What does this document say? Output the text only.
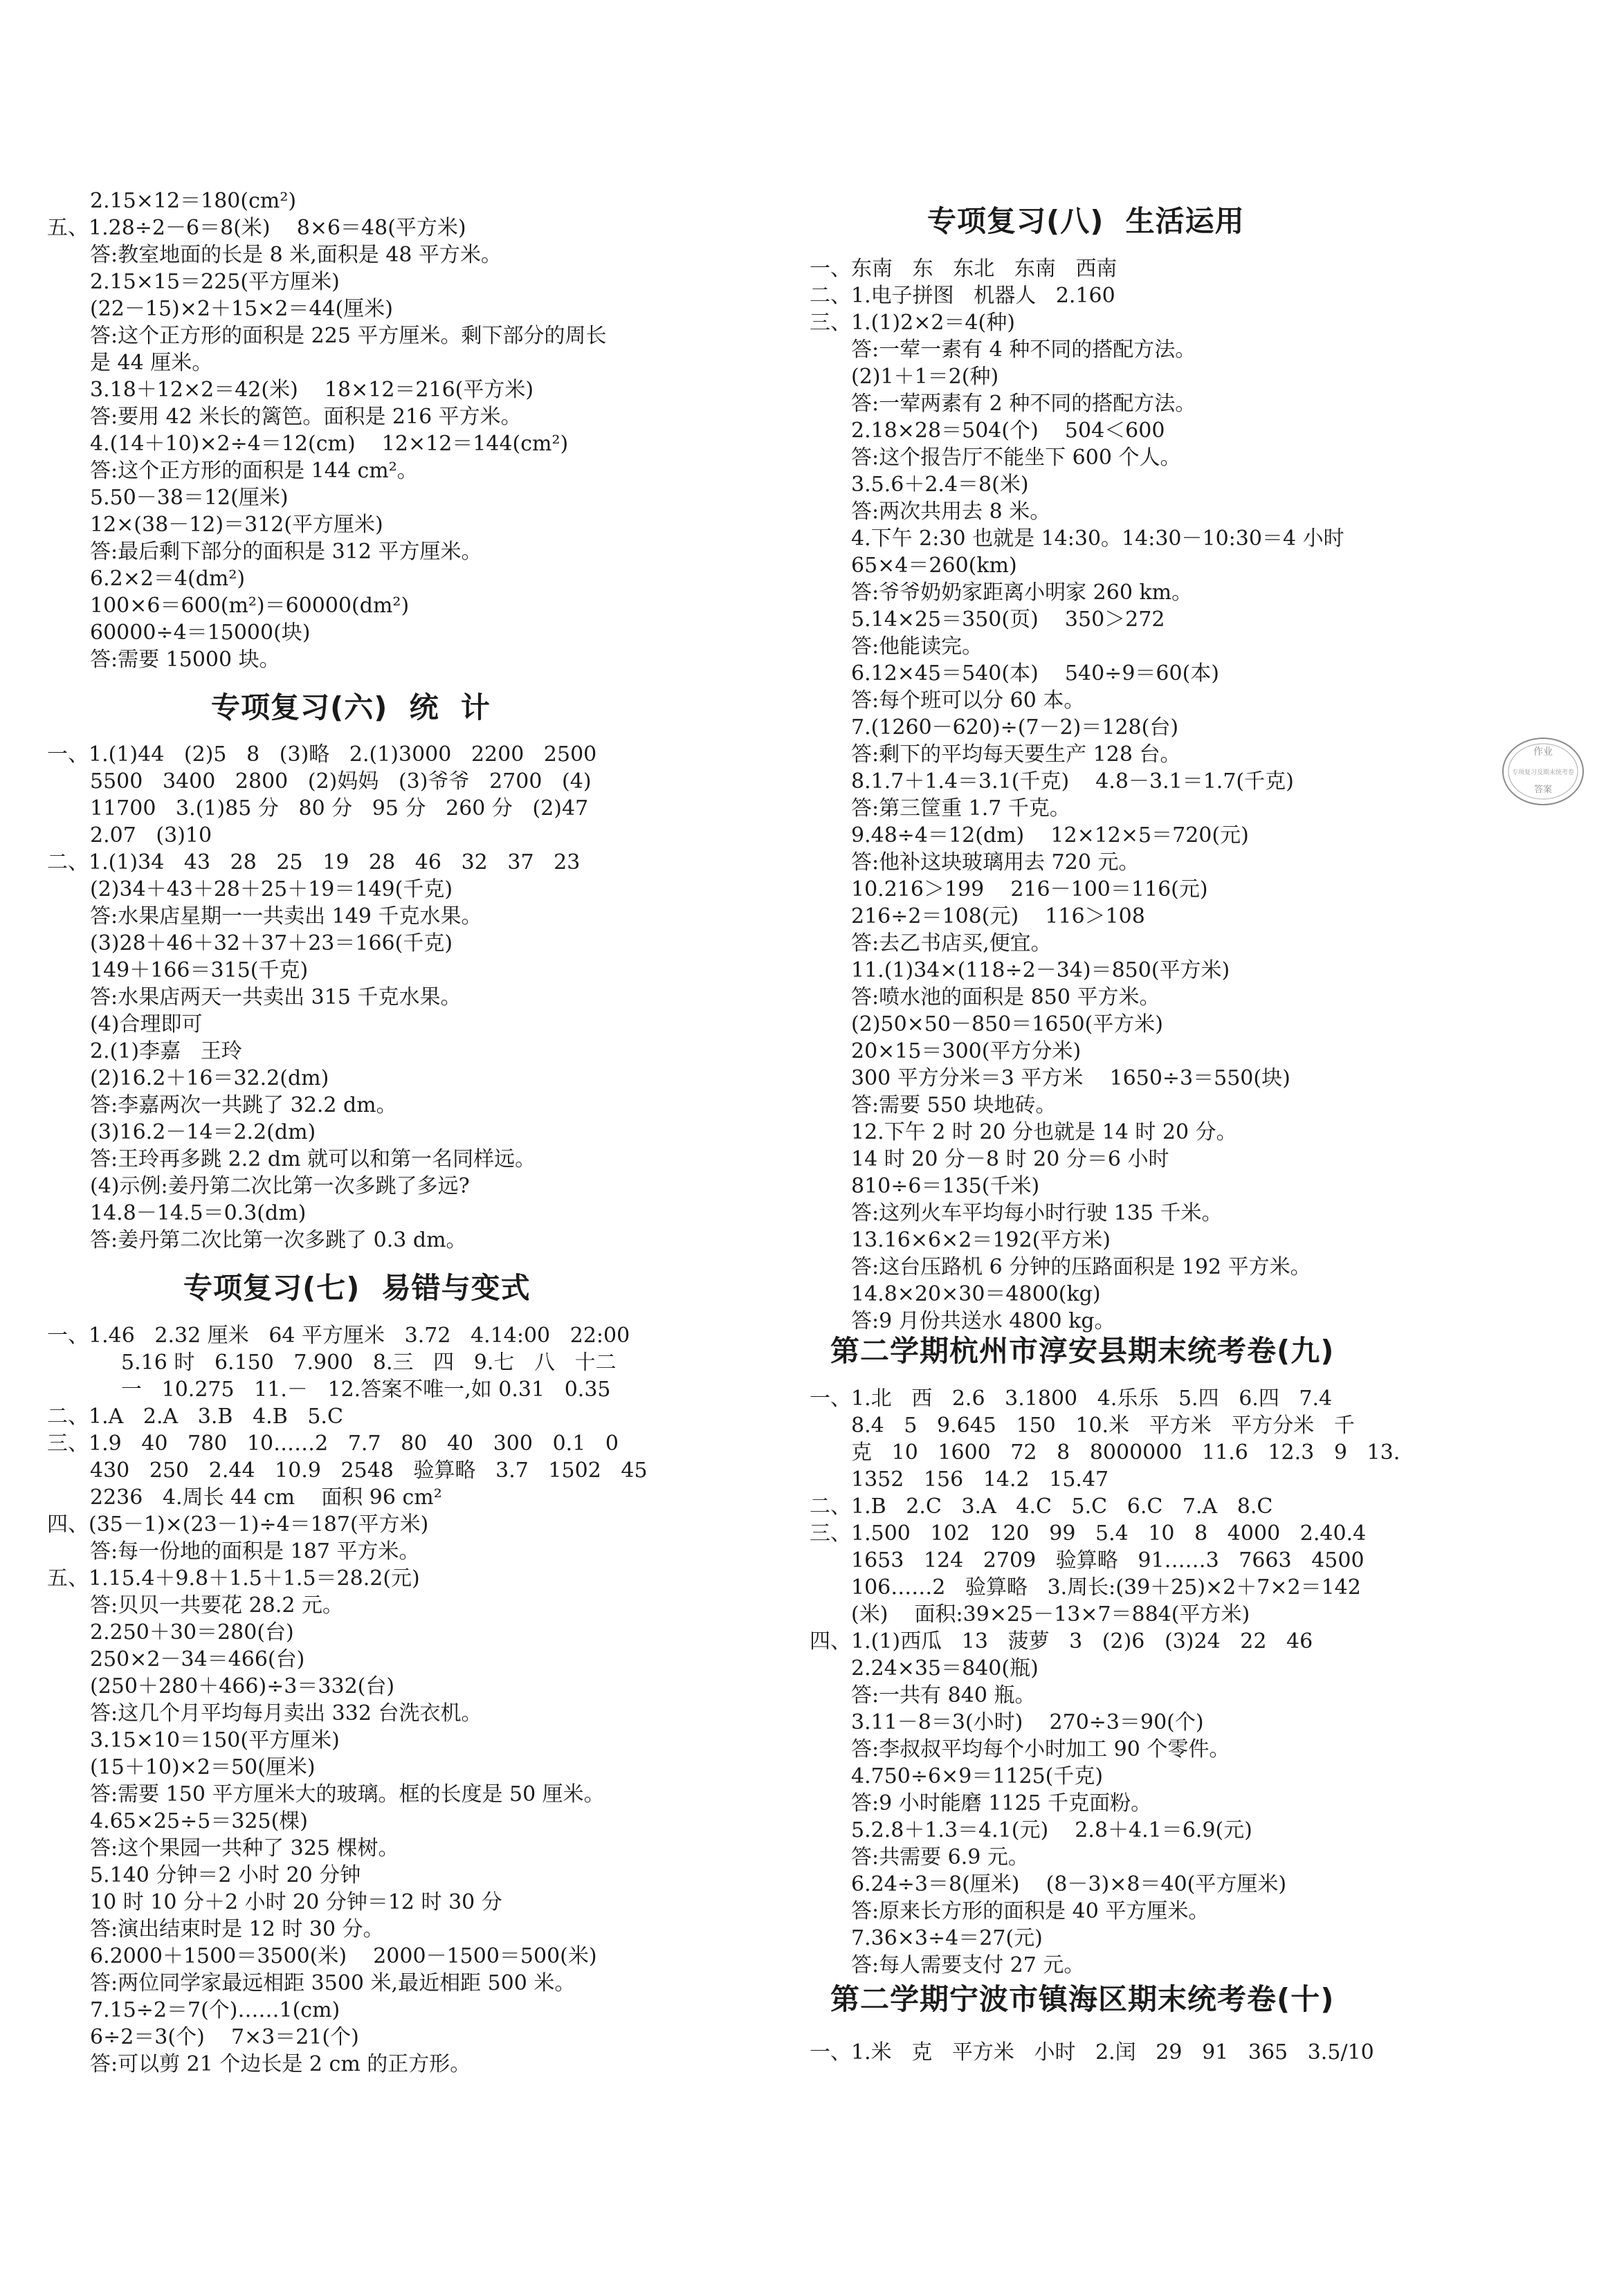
2.15×12＝180(cm²)
五、1.28÷2－6＝8(米)    8×6＝48(平方米)
答:教室地面的长是 8 米,面积是 48 平方米。
2.15×15＝225(平方厘米)
(22－15)×2＋15×2＝44(厘米)
答:这个正方形的面积是 225 平方厘米。剩下部分的周长
是 44 厘米。
3.18＋12×2＝42(米)    18×12＝216(平方米)
答:要用 42 米长的篱笆。面积是 216 平方米。
4.(14＋10)×2÷4＝12(cm)    12×12＝144(cm²)
答:这个正方形的面积是 144 cm²。
5.50－38＝12(厘米)
12×(38－12)＝312(平方厘米)
答:最后剩下部分的面积是 312 平方厘米。
6.2×2＝4(dm²)
100×6＝600(m²)＝60000(dm²)
60000÷4＝15000(块)
答:需要 15000 块。
专项复习(六)  统  计
一、1.(1)44   (2)5   8   (3)略   2.(1)3000   2200   2500
5500   3400   2800   (2)妈妈   (3)爷爷   2700   (4)
11700   3.(1)85 分   80 分   95 分   260 分   (2)47
2.07   (3)10
二、1.(1)34   43   28   25   19   28   46   32   37   23
(2)34＋43＋28＋25＋19＝149(千克)
答:水果店星期一一共卖出 149 千克水果。
(3)28＋46＋32＋37＋23＝166(千克)
149＋166＝315(千克)
答:水果店两天一共卖出 315 千克水果。
(4)合理即可
2.(1)李嘉   王玲
(2)16.2＋16＝32.2(dm)
答:李嘉两次一共跳了 32.2 dm。
(3)16.2－14＝2.2(dm)
答:王玲再多跳 2.2 dm 就可以和第一名同样远。
(4)示例:姜丹第二次比第一次多跳了多远?
14.8－14.5＝0.3(dm)
答:姜丹第二次比第一次多跳了 0.3 dm。
专项复习(七)  易错与变式
一、1.46   2.32 厘米   64 平方厘米   3.72   4.14:00   22:00
5.16 时   6.150   7.900   8.三   四   9.七   八   十二
一   10.275   11.－   12.答案不唯一,如 0.31   0.35
二、1.A   2.A   3.B   4.B   5.C
三、1.9   40   780   10……2   7.7   80   40   300   0.1   0
430   250   2.44   10.9   2548   验算略   3.7   1502   45
2236   4.周长 44 cm    面积 96 cm²
四、(35－1)×(23－1)÷4＝187(平方米)
答:每一份地的面积是 187 平方米。
五、1.15.4＋9.8＋1.5＋1.5＝28.2(元)
答:贝贝一共要花 28.2 元。
2.250＋30＝280(台)
250×2－34＝466(台)
(250＋280＋466)÷3＝332(台)
答:这几个月平均每月卖出 332 台洗衣机。
3.15×10＝150(平方厘米)
(15＋10)×2＝50(厘米)
答:需要 150 平方厘米大的玻璃。框的长度是 50 厘米。
4.65×25÷5＝325(棵)
答:这个果园一共种了 325 棵树。
5.140 分钟＝2 小时 20 分钟
10 时 10 分＋2 小时 20 分钟＝12 时 30 分
答:演出结束时是 12 时 30 分。
6.2000＋1500＝3500(米)    2000－1500＝500(米)
答:两位同学家最远相距 3500 米,最近相距 500 米。
7.15÷2＝7(个)……1(cm)
6÷2＝3(个)    7×3＝21(个)
答:可以剪 21 个边长是 2 cm 的正方形。
专项复习(八)  生活运用
一、东南   东   东北   东南   西南
二、1.电子拼图   机器人   2.160
三、1.(1)2×2＝4(种)
答:一荤一素有 4 种不同的搭配方法。
(2)1＋1＝2(种)
答:一荤两素有 2 种不同的搭配方法。
2.18×28＝504(个)    504＜600
答:这个报告厅不能坐下 600 个人。
3.5.6＋2.4＝8(米)
答:两次共用去 8 米。
4.下午 2:30 也就是 14:30。14:30－10:30＝4 小时
65×4＝260(km)
答:爷爷奶奶家距离小明家 260 km。
5.14×25＝350(页)    350＞272
答:他能读完。
6.12×45＝540(本)    540÷9＝60(本)
答:每个班可以分 60 本。
7.(1260－620)÷(7－2)＝128(台)
答:剩下的平均每天要生产 128 台。
8.1.7＋1.4＝3.1(千克)    4.8－3.1＝1.7(千克)
答:第三筐重 1.7 千克。
9.48÷4＝12(dm)    12×12×5＝720(元)
答:他补这块玻璃用去 720 元。
10.216＞199    216－100＝116(元)
216÷2＝108(元)    116＞108
答:去乙书店买,便宜。
11.(1)34×(118÷2－34)＝850(平方米)
答:喷水池的面积是 850 平方米。
(2)50×50－850＝1650(平方米)
20×15＝300(平方分米)
300 平方分米＝3 平方米    1650÷3＝550(块)
答:需要 550 块地砖。
12.下午 2 时 20 分也就是 14 时 20 分。
14 时 20 分－8 时 20 分＝6 小时
810÷6＝135(千米)
答:这列火车平均每小时行驶 135 千米。
13.16×6×2＝192(平方米)
答:这台压路机 6 分钟的压路面积是 192 平方米。
14.8×20×30＝4800(kg)
答:9 月份共送水 4800 kg。
第二学期杭州市淳安县期末统考卷(九)
一、1.北   西   2.6   3.1800   4.乐乐   5.四   6.四   7.4
8.4   5   9.645   150   10.米   平方米   平方分米   千
克   10   1600   72   8   8000000   11.6   12.3   9   13.
1352   156   14.2   15.47
二、1.B   2.C   3.A   4.C   5.C   6.C   7.A   8.C
三、1.500   102   120   99   5.4   10   8   4000   2.40.4
1653   124   2709   验算略   91……3   7663   4500
106……2   验算略   3.周长:(39＋25)×2＋7×2＝142
(米)    面积:39×25－13×7＝884(平方米)
四、1.(1)西瓜   13   菠萝   3   (2)6   (3)24   22   46
2.24×35＝840(瓶)
答:一共有 840 瓶。
3.11－8＝3(小时)    270÷3＝90(个)
答:李叔叔平均每个小时加工 90 个零件。
4.750÷6×9＝1125(千克)
答:9 小时能磨 1125 千克面粉。
5.2.8＋1.3＝4.1(元)    2.8＋4.1＝6.9(元)
答:共需要 6.9 元。
6.24÷3＝8(厘米)    (8－3)×8＝40(平方厘米)
答:原来长方形的面积是 40 平方厘米。
7.36×3÷4＝27(元)
答:每人需要支付 27 元。
第二学期宁波市镇海区期末统考卷(十)
一、1.米   克   平方米   小时   2.闰   29   91   365   3.5/10
作业
专项复习及期末统考卷
答案
